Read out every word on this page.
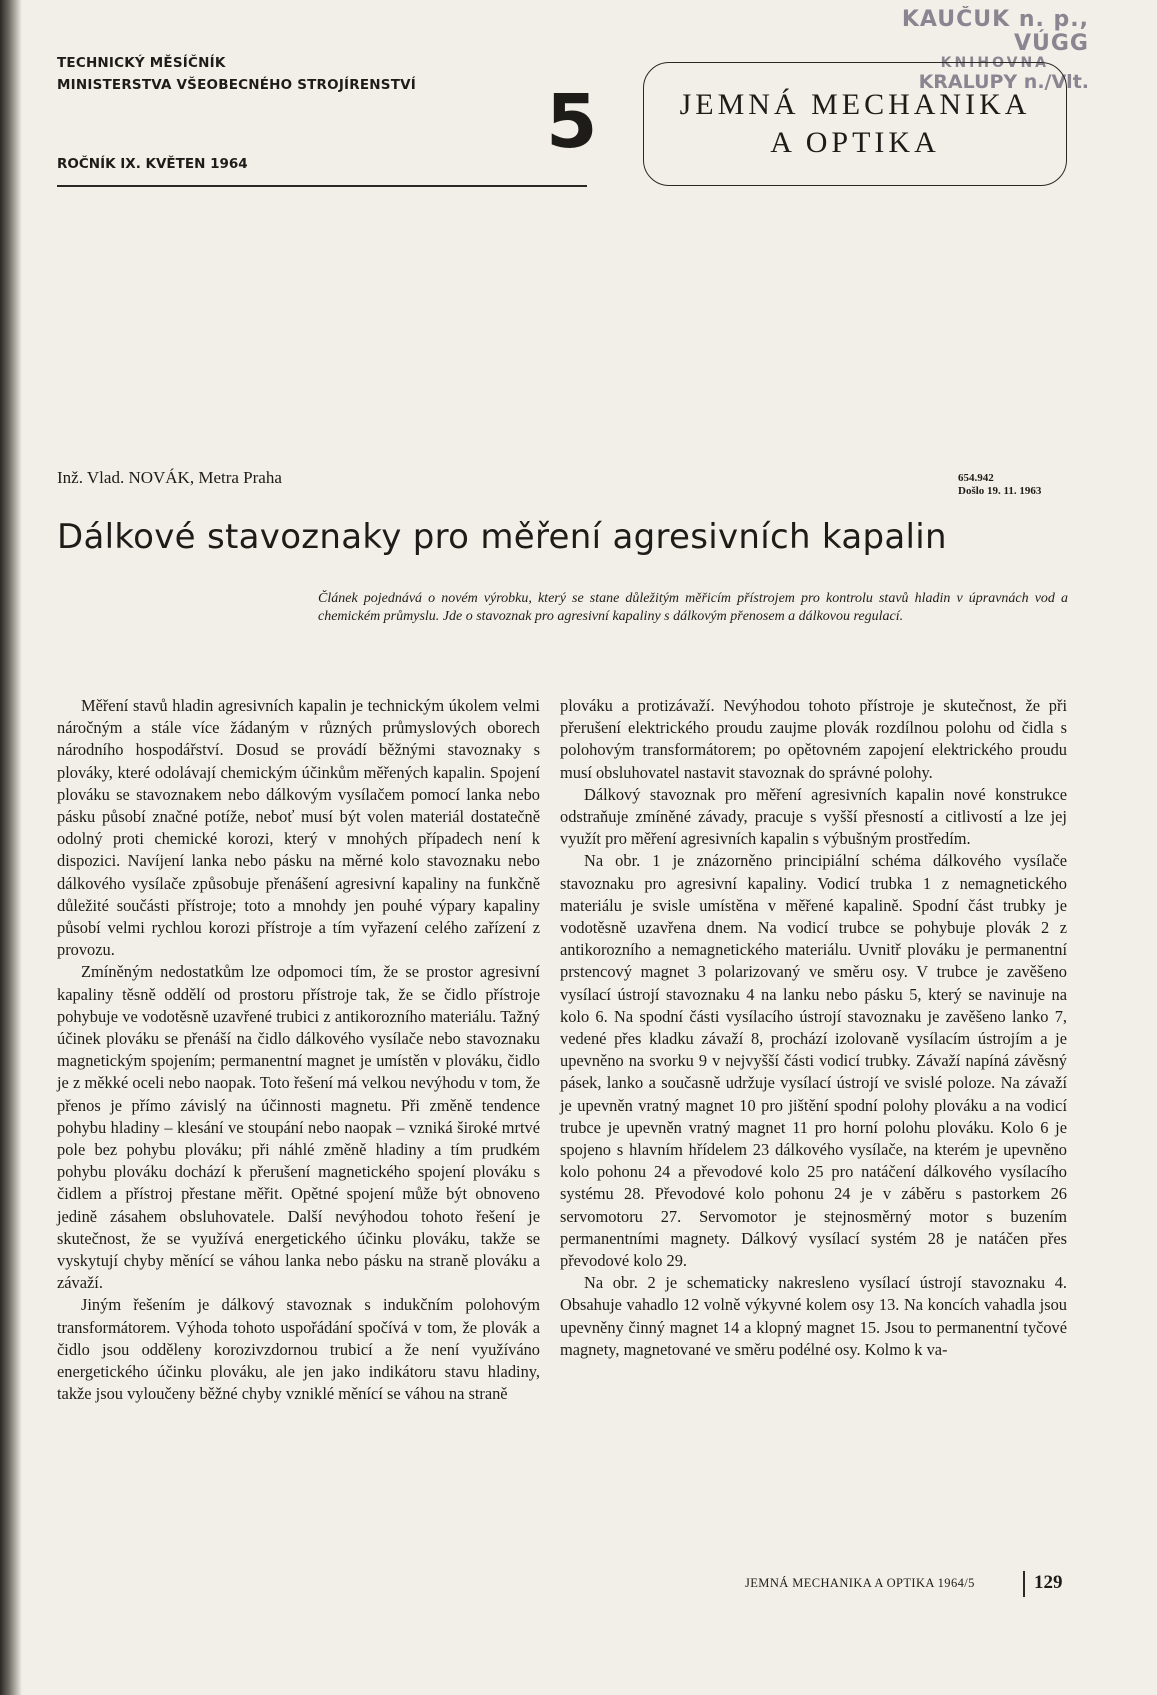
KAUČUK n. p., VÚGG
KNIHOVNA
KRALUPY n./Vlt.
TECHNICKÝ MĚSÍČNÍK
MINISTERSTVA VŠEOBECNÉHO STROJÍRENSTVÍ
ROČNÍK IX. KVĚTEN 1964	5	JEMNÁ MECHANIKA
A OPTIKA
Inž. Vlad. NOVÁK, Metra Praha	654.942
Došlo 19. 11. 1963
Dálkové stavoznaky pro měření agresivních kapalin
Článek pojednává o novém výrobku, který se stane důležitým měřicím přístrojem pro kontrolu stavů hladin v úpravnách vod a chemickém průmyslu. Jde o stavoznak pro agresivní kapaliny s dálkovým přenosem a dálkovou regulací.

Měření stavů hladin agresivních kapalin je technickým úkolem velmi náročným a stále více žádaným v různých průmyslových oborech národního hospodářství. Dosud se provádí běžnými stavoznaky s plováky, které odolávají chemickým účinkům měřených kapalin. Spojení plováku se stavoznakem nebo dálkovým vysílačem pomocí lanka nebo pásku působí značné potíže, neboť musí být volen materiál dostatečně odolný proti chemické korozi, který v mnohých případech není k dispozici. Navíjení lanka nebo pásku na měrné kolo stavoznaku nebo dálkového vysílače způsobuje přenášení agresivní kapaliny na funkčně důležité součásti přístroje; toto a mnohdy jen pouhé výpary kapaliny působí velmi rychlou korozi přístroje a tím vyřazení celého zařízení z provozu.

Zmíněným nedostatkům lze odpomoci tím, že se prostor agresivní kapaliny těsně oddělí od prostoru přístroje tak, že se čidlo přístroje pohybuje ve vodotěsně uzavřené trubici z antikorozního materiálu. Tažný účinek plováku se přenáší na čidlo dálkového vysílače nebo stavoznaku magnetickým spojením; permanentní magnet je umístěn v plováku, čidlo je z měkké oceli nebo naopak. Toto řešení má velkou nevýhodu v tom, že přenos je přímo závislý na účinnosti magnetu. Při změně tendence pohybu hladiny – klesání ve stoupání nebo naopak – vzniká široké mrtvé pole bez pohybu plováku; při náhlé změně hladiny a tím prudkém pohybu plováku dochází k přerušení magnetického spojení plováku s čidlem a přístroj přestane měřit. Opětné spojení může být obnoveno jedině zásahem obsluhovatele. Další nevýhodou tohoto řešení je skutečnost, že se využívá energetického účinku plováku, takže se vyskytují chyby měnící se váhou lanka nebo pásku na straně plováku a závaží.

Jiným řešením je dálkový stavoznak s indukčním polohovým transformátorem. Výhoda tohoto uspořádání spočívá v tom, že plovák a čidlo jsou odděleny korozivzdornou trubicí a že není využíváno energetického účinku plováku, ale jen jako indikátoru stavu hladiny, takže jsou vyloučeny běžné chyby vzniklé měnící se váhou na straně

plováku a protizávaží. Nevýhodou tohoto přístroje je skutečnost, že při přerušení elektrického proudu zaujme plovák rozdílnou polohu od čidla s polohovým transformátorem; po opětovném zapojení elektrického proudu musí obsluhovatel nastavit stavoznak do správné polohy.

Dálkový stavoznak pro měření agresivních kapalin nové konstrukce odstraňuje zmíněné závady, pracuje s vyšší přesností a citlivostí a lze jej využít pro měření agresivních kapalin s výbušným prostředím.

Na obr. 1 je znázorněno principiální schéma dálkového vysílače stavoznaku pro agresivní kapaliny. Vodicí trubka 1 z nemagnetického materiálu je svisle umístěna v měřené kapalině. Spodní část trubky je vodotěsně uzavřena dnem. Na vodicí trubce se pohybuje plovák 2 z antikorozního a nemagnetického materiálu. Uvnitř plováku je permanentní prstencový magnet 3 polarizovaný ve směru osy. V trubce je zavěšeno vysílací ústrojí stavoznaku 4 na lanku nebo pásku 5, který se navinuje na kolo 6. Na spodní části vysílacího ústrojí stavoznaku je zavěšeno lanko 7, vedené přes kladku závaží 8, prochází izolovaně vysílacím ústrojím a je upevněno na svorku 9 v nejvyšší části vodicí trubky. Závaží napíná závěsný pásek, lanko a současně udržuje vysílací ústrojí ve svislé poloze. Na závaží je upevněn vratný magnet 10 pro jištění spodní polohy plováku a na vodicí trubce je upevněn vratný magnet 11 pro horní polohu plováku. Kolo 6 je spojeno s hlavním hřídelem 23 dálkového vysílače, na kterém je upevněno kolo pohonu 24 a převodové kolo 25 pro natáčení dálkového vysílacího systému 28. Převodové kolo pohonu 24 je v záběru s pastorkem 26 servomotoru 27. Servomotor je stejnosměrný motor s buzením permanentními magnety. Dálkový vysílací systém 28 je natáčen přes převodové kolo 29.

Na obr. 2 je schematicky nakresleno vysílací ústrojí stavoznaku 4. Obsahuje vahadlo 12 volně výkyvné kolem osy 13. Na koncích vahadla jsou upevněny činný magnet 14 a klopný magnet 15. Jsou to permanentní tyčové magnety, magnetované ve směru podélné osy. Kolmo k va-

JEMNÁ MECHANIKA A OPTIKA 1964/5	129
